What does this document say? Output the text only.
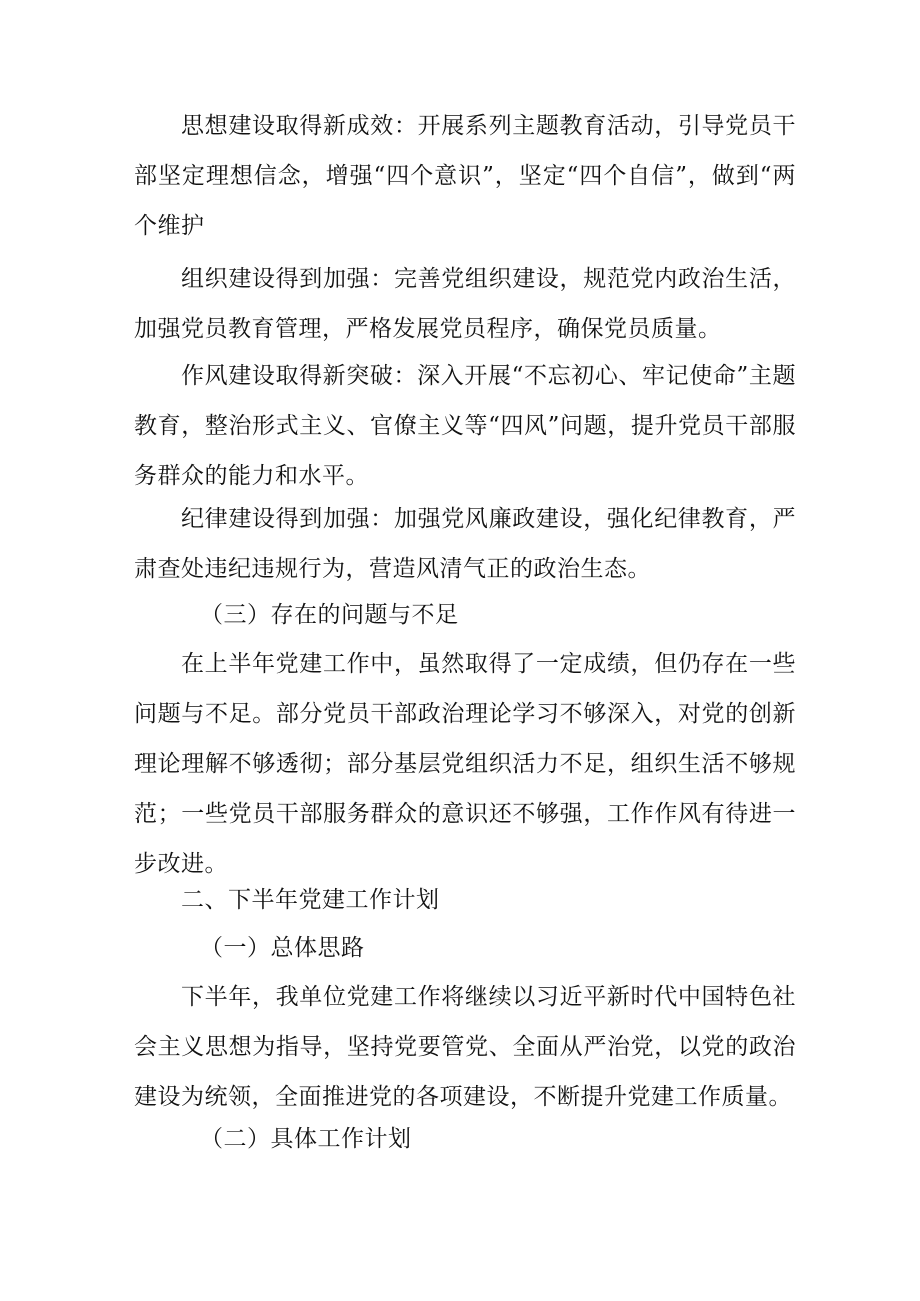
思想建设取得新成效：开展系列主题教育活动，引导党员干部坚定理想信念，增强“四个意识”，坚定“四个自信”，做到“两个维护

组织建设得到加强：完善党组织建设，规范党内政治生活，加强党员教育管理，严格发展党员程序，确保党员质量。

作风建设取得新突破：深入开展“不忘初心、牢记使命”主题教育，整治形式主义、官僚主义等“四风”问题，提升党员干部服务群众的能力和水平。

纪律建设得到加强：加强党风廉政建设，强化纪律教育，严肃查处违纪违规行为，营造风清气正的政治生态。

（三）存在的问题与不足

在上半年党建工作中，虽然取得了一定成绩，但仍存在一些问题与不足。部分党员干部政治理论学习不够深入，对党的创新理论理解不够透彻；部分基层党组织活力不足，组织生活不够规范；一些党员干部服务群众的意识还不够强，工作作风有待进一步改进。

二、下半年党建工作计划

（一）总体思路

下半年，我单位党建工作将继续以习近平新时代中国特色社会主义思想为指导，坚持党要管党、全面从严治党，以党的政治建设为统领，全面推进党的各项建设，不断提升党建工作质量。

（二）具体工作计划
